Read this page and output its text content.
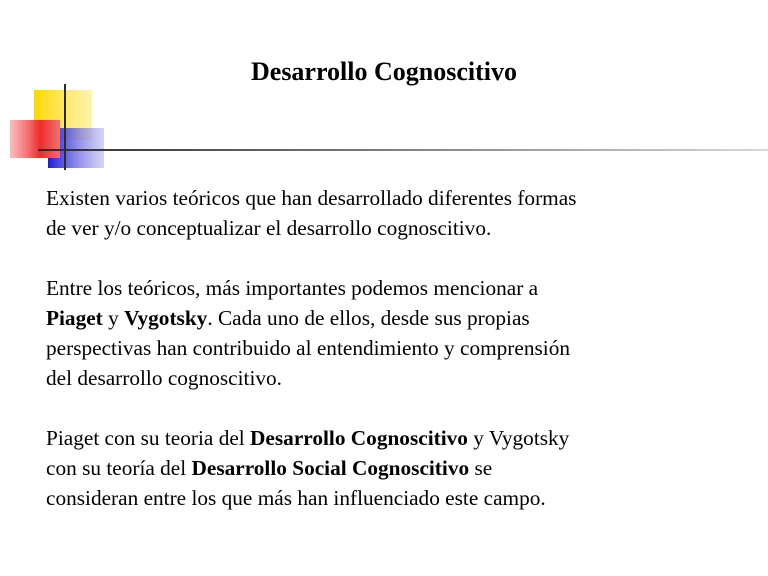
Desarrollo Cognoscitivo
Existen varios teóricos que han desarrollado diferentes formas
de ver y/o conceptualizar el desarrollo cognoscitivo.
Entre los teóricos, más importantes podemos mencionar a
Piaget y Vygotsky. Cada uno de ellos, desde sus propias
perspectivas han contribuido al entendimiento y comprensión
del desarrollo cognoscitivo.
Piaget con su teoria del Desarrollo Cognoscitivo y Vygotsky
con su teoría del Desarrollo Social Cognoscitivo se
consideran entre los que más han influenciado este campo.
